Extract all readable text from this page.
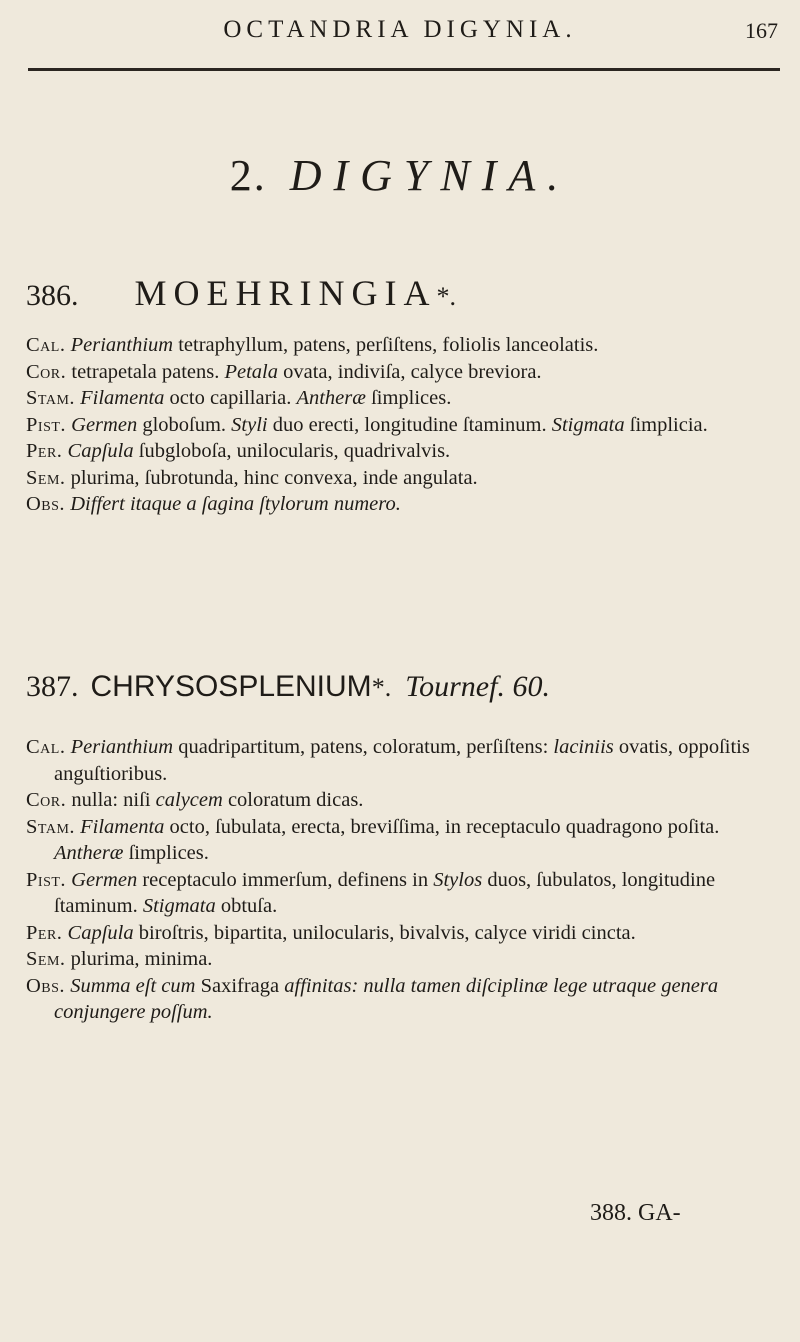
OCTANDRIA DIGYNIA.	167
2. DIGYNIA.
386. MOEHRINGIA*.
Cal. Perianthium tetraphyllum, patens, perſiſtens, foliolis lanceolatis.
Cor. tetrapetala patens. Petala ovata, indiviſa, calyce breviora.
Stam. Filamenta octo capillaria. Antheræ ſimplices.
Pist. Germen globoſum. Styli duo erecti, longitudine ſtaminum. Stigmata ſimplicia.
Per. Capſula ſubgloboſa, unilocularis, quadrivalvis.
Sem. plurima, ſubrotunda, hinc convexa, inde angulata.
Obs. Differt itaque a ſagina ſtylorum numero.
387. CHRYSOSPLENIUM*. Tournef. 60.
Cal. Perianthium quadripartitum, patens, coloratum, perſiſtens: laciniis ovatis, oppoſitis anguſtioribus.
Cor. nulla: niſi calycem coloratum dicas.
Stam. Filamenta octo, ſubulata, erecta, breviſſima, in receptaculo quadragono poſita. Antheræ ſimplices.
Pist. Germen receptaculo immerſum, definens in Stylos duos, ſubulatos, longitudine ſtaminum. Stigmata obtuſa.
Per. Capſula biroſtris, bipartita, unilocularis, bivalvis, calyce viridi cincta.
Sem. plurima, minima.
Obs. Summa eſt cum Saxifraga affinitas: nulla tamen diſciplinæ lege utraque genera conjungere poſſum.
388. GA-
